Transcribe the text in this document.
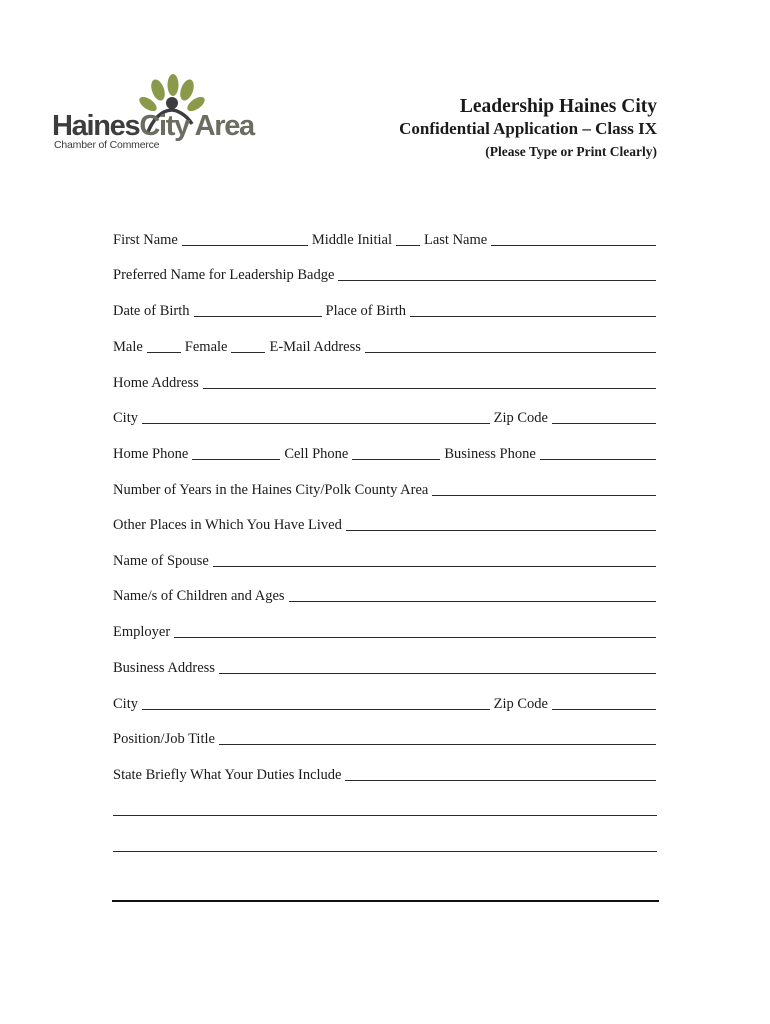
HainesCity Area
Chamber of Commerce
Leadership Haines City
Confidential Application – Class IX
(Please Type or Print Clearly)
First Name	Middle Initial Last Name
Preferred Name for Leadership Badge
Date of Birth	Place of Birth
Male	Female	E-Mail Address
Home Address
City	Zip Code
Home Phone	Cell Phone	Business Phone
Number of Years in the Haines City/Polk County Area
Other Places in Which You Have Lived
Name of Spouse
Name/s of Children and Ages
Employer
Business Address
City	Zip Code
Position/Job Title
State Briefly What Your Duties Include
